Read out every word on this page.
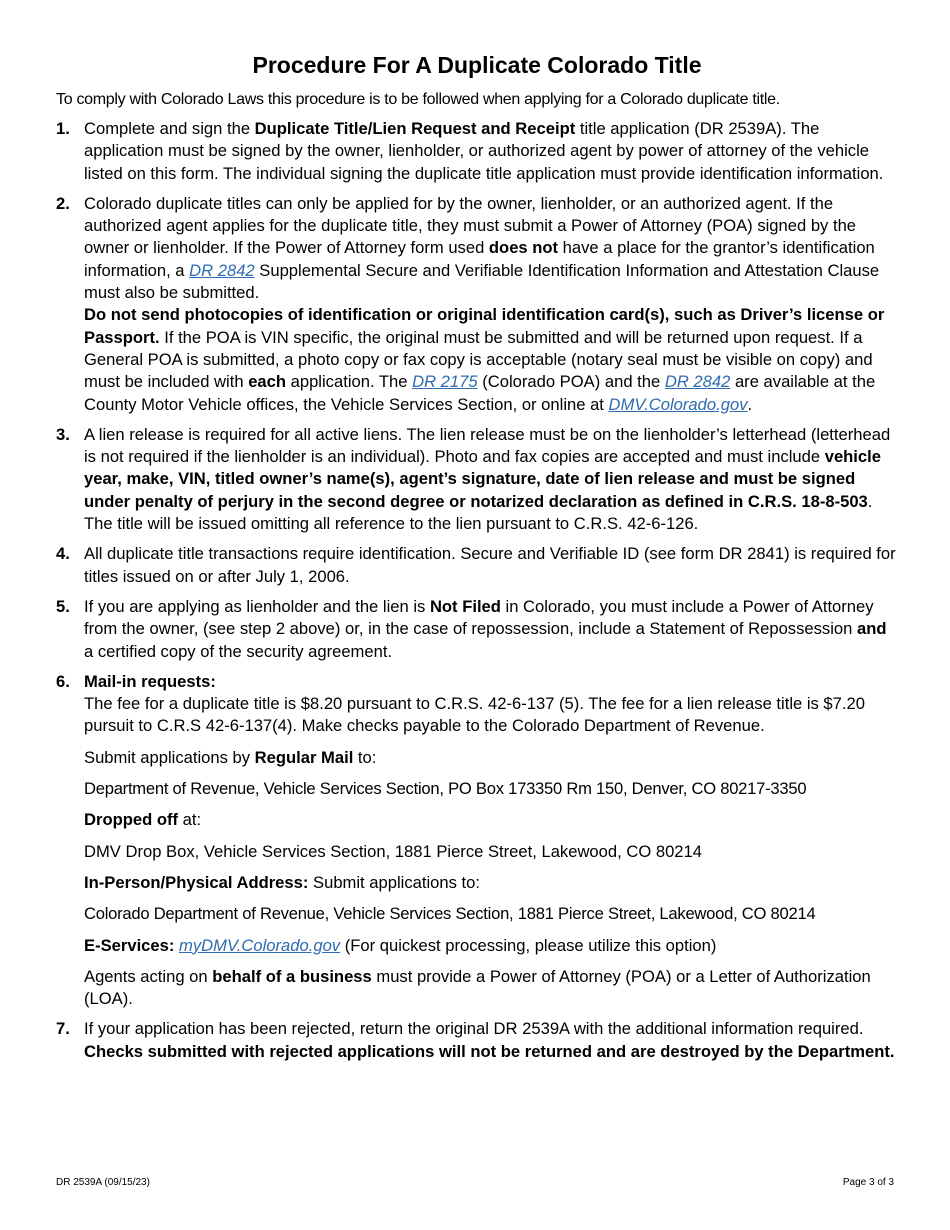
Procedure For A Duplicate Colorado Title
To comply with Colorado Laws this procedure is to be followed when applying for a Colorado duplicate title.
1. Complete and sign the Duplicate Title/Lien Request and Receipt title application (DR 2539A). The application must be signed by the owner, lienholder, or authorized agent by power of attorney of the vehicle listed on this form. The individual signing the duplicate title application must provide identification information.
2. Colorado duplicate titles can only be applied for by the owner, lienholder, or an authorized agent. If the authorized agent applies for the duplicate title, they must submit a Power of Attorney (POA) signed by the owner or lienholder. If the Power of Attorney form used does not have a place for the grantor’s identification information, a DR 2842 Supplemental Secure and Verifiable Identification Information and Attestation Clause must also be submitted.

Do not send photocopies of identification or original identification card(s), such as Driver’s license or Passport. If the POA is VIN specific, the original must be submitted and will be returned upon request. If a General POA is submitted, a photo copy or fax copy is acceptable (notary seal must be visible on copy) and must be included with each application. The DR 2175 (Colorado POA) and the DR 2842 are available at the County Motor Vehicle offices, the Vehicle Services Section, or online at DMV.Colorado.gov.

3. A lien release is required for all active liens. The lien release must be on the lienholder’s letterhead (letterhead is not required if the lienholder is an individual). Photo and fax copies are accepted and must include vehicle year, make, VIN, titled owner’s name(s), agent’s signature, date of lien release and must be signed under penalty of perjury in the second degree or notarized declaration as defined in C.R.S. 18-8-503.

The title will be issued omitting all reference to the lien pursuant to C.R.S. 42-6-126.

4. All duplicate title transactions require identification. Secure and Verifiable ID (see form DR 2841) is required for titles issued on or after July 1, 2006.
5. If you are applying as lienholder and the lien is Not Filed in Colorado, you must include a Power of Attorney from the owner, (see step 2 above) or, in the case of repossession, include a Statement of Repossession and a certified copy of the security agreement.
6. Mail-in requests:

The fee for a duplicate title is $8.20 pursuant to C.R.S. 42-6-137 (5). The fee for a lien release title is $7.20 pursuit to C.R.S 42-6-137(4). Make checks payable to the Colorado Department of Revenue.

Submit applications by Regular Mail to:

Department of Revenue, Vehicle Services Section, PO Box 173350 Rm 150, Denver, CO 80217-3350

Dropped off at:

DMV Drop Box, Vehicle Services Section, 1881 Pierce Street, Lakewood, CO 80214

In-Person/Physical Address: Submit applications to:

Colorado Department of Revenue, Vehicle Services Section, 1881 Pierce Street, Lakewood, CO 80214

E-Services: myDMV.Colorado.gov (For quickest processing, please utilize this option)

Agents acting on behalf of a business must provide a Power of Attorney (POA) or a Letter of Authorization (LOA).

7. If your application has been rejected, return the original DR 2539A with the additional information required.

Checks submitted with rejected applications will not be returned and are destroyed by the Department.

DR 2539A (09/15/23)	Page 3 of 3
